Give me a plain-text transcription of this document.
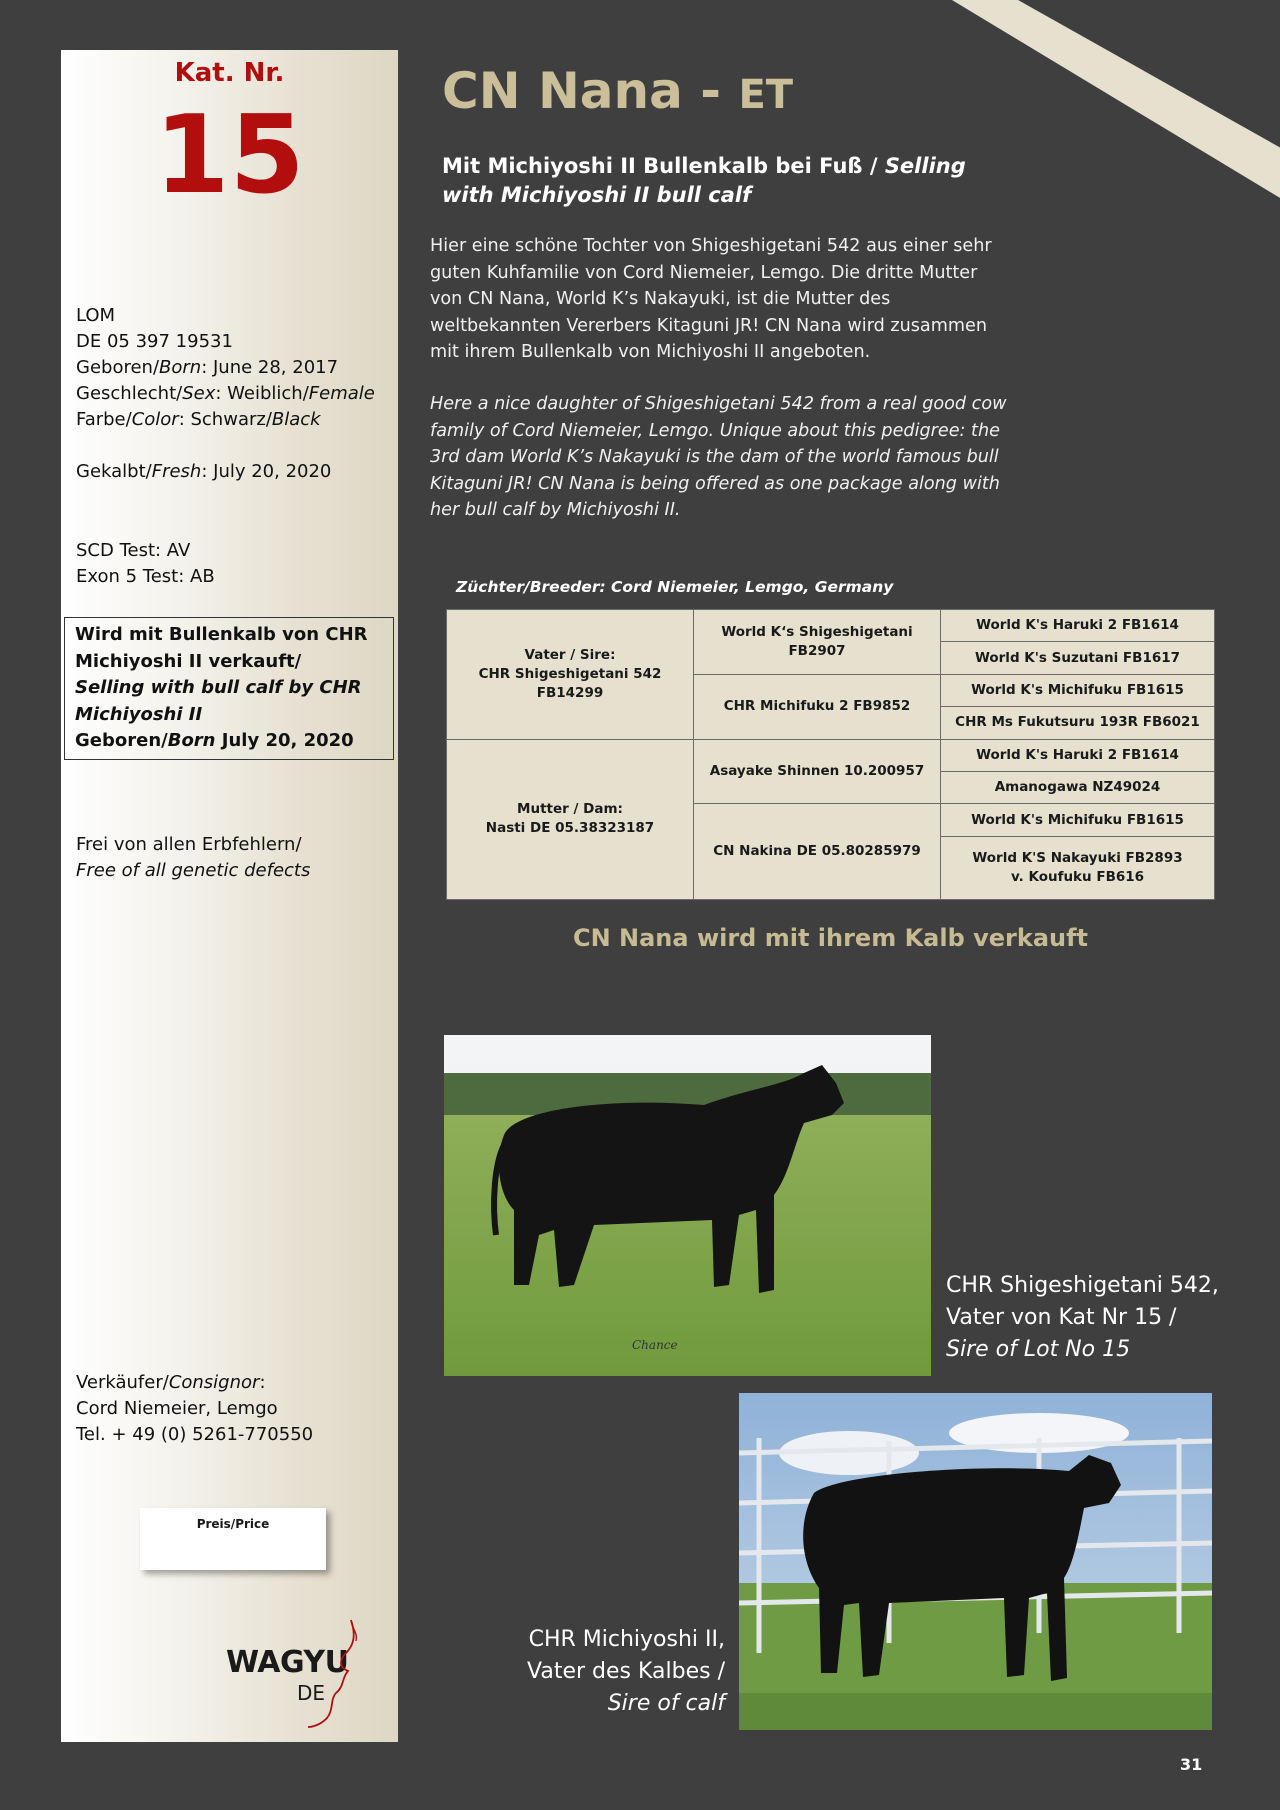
Kat. Nr.
15
LOM
DE 05 397 19531
Geboren/Born: June 28, 2017
Geschlecht/Sex: Weiblich/Female
Farbe/Color: Schwarz/Black
Gekalbt/Fresh: July 20, 2020
SCD Test: AV
Exon 5 Test: AB
Wird mit Bullenkalb von CHR
Michiyoshi II verkauft/
Selling with bull calf by CHR
Michiyoshi II
Geboren/Born July 20, 2020
Frei von allen Erbfehlern/
Free of all genetic defects
Verkäufer/Consignor:
Cord Niemeier, Lemgo
Tel. + 49 (0) 5261-770550
Preis/Price
WAGYU
DE
CN Nana - ET
Mit Michiyoshi II Bullenkalb bei Fuß / Selling with Michiyoshi II bull calf
Hier eine schöne Tochter von Shigeshigetani 542 aus einer sehr guten Kuhfamilie von Cord Niemeier, Lemgo. Die dritte Mutter von CN Nana, World K’s Nakayuki, ist die Mutter des weltbekannten Vererbers Kitaguni JR! CN Nana wird zusammen mit ihrem Bullenkalb von Michiyoshi II angeboten.
Here a nice daughter of Shigeshigetani 542 from a real good cow family of Cord Niemeier, Lemgo. Unique about this pedigree: the 3rd dam World K’s Nakayuki is the dam of the world famous bull Kitaguni JR! CN Nana is being offered as one package along with her bull calf by Michiyoshi II.
Züchter/Breeder: Cord Niemeier, Lemgo, Germany
Vater / Sire:
CHR Shigeshigetani 542
FB14299	World K‘s Shigeshigetani FB2907	World K's Haruki 2 FB1614
		World K's Suzutani FB1617
	CHR Michifuku 2 FB9852	World K's Michifuku FB1615
		CHR Ms Fukutsuru 193R FB6021

Mutter / Dam:
Nasti DE 05.38323187	Asayake Shinnen 10.200957	World K's Haruki 2 FB1614
		Amanogawa NZ49024
	CN Nakina DE 05.80285979	World K's Michifuku FB1615

		World K'S Nakayuki FB2893
v. Koufuku FB616
CN Nana wird mit ihrem Kalb verkauft
Chance
CHR Shigeshigetani 542,
Vater von Kat Nr 15 /
Sire of Lot No 15
CHR Michiyoshi II,
Vater des Kalbes /
Sire of calf
31
